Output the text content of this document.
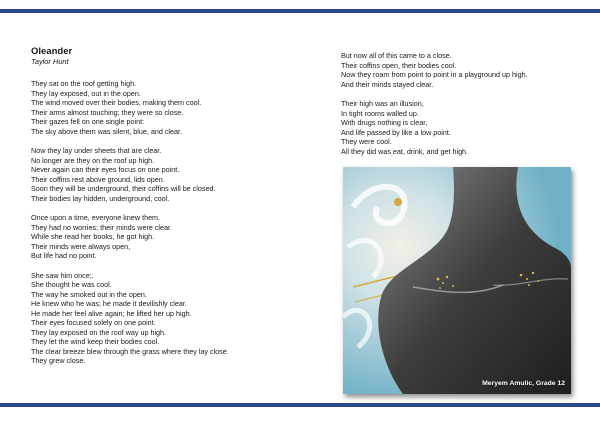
Oleander

Taylor Hunt

They sat on the roof getting high.
They lay exposed, out in the open.
The wind moved over their bodies, making them cool.
Their arms almost touching; they were so close.
Their gazes fell on one single point:
The sky above them was silent, blue, and clear.
Now they lay under sheets that are clear.
No longer are they on the roof up high.
Never again can their eyes focus on one point.
Their coffins rest above ground, lids open.
Soon they will be underground, their coffins will be closed.
Their bodies lay hidden, underground, cool.
Once upon a time, everyone knew them.
They had no worries; their minds were clear.
While she read her books, he got high.
Their minds were always open,
But life had no point.
She saw him once;.
She thought he was cool.
The way he smoked out in the open.
He knew who he was; he made it devilishly clear.
He made her feel alive again; he lifted her up high.
Their eyes focused solely on one point.
They lay exposed on the roof way up high.
They let the wind keep their bodies cool.
The clear breeze blew through the grass where they lay close.
They grew close.
But now all of this came to a close.
Their coffins open, their bodies cool.
Now they roam from point to point in a playground up high.
And their minds stayed clear.
Their high was an illusion,
In tight rooms walled up.
With drugs nothing is clear,
And life passed by like a low point.
They were cool.
All they did was eat, drink, and get high.
Meryem Amulic, Grade 12
